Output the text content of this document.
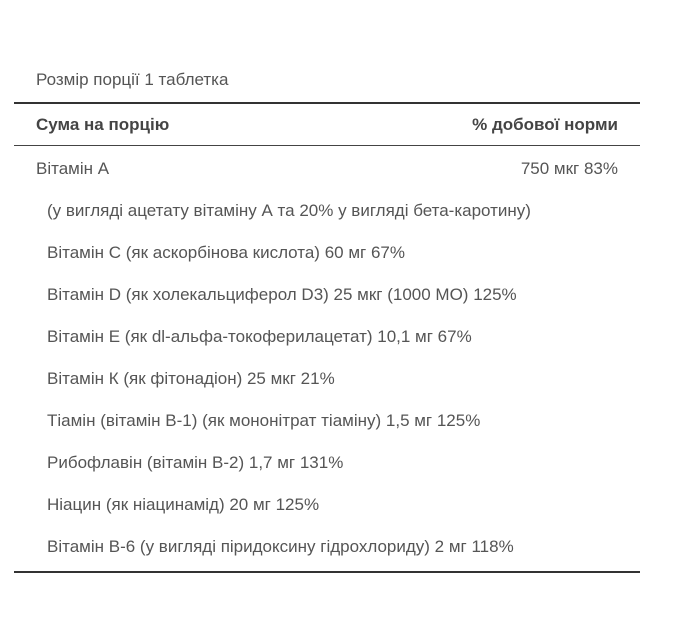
Розмір порції 1 таблетка
Сума на порцію	% добової норми
Вітамін А	750 мкг 83%
(у вигляді ацетату вітаміну А та 20% у вигляді бета-каротину)
Вітамін С (як аскорбінова кислота) 60 мг 67%
Вітамін D (як холекальциферол D3) 25 мкг (1000 МО) 125%
Вітамін Е (як dl-альфа-токоферилацетат) 10,1 мг 67%
Вітамін К (як фітонадіон) 25 мкг 21%
Тіамін (вітамін В-1) (як мононітрат тіаміну) 1,5 мг 125%
Рибофлавін (вітамін В-2) 1,7 мг 131%
Ніацин (як ніацинамід) 20 мг 125%
Вітамін В-6 (у вигляді піридоксину гідрохлориду) 2 мг 118%
